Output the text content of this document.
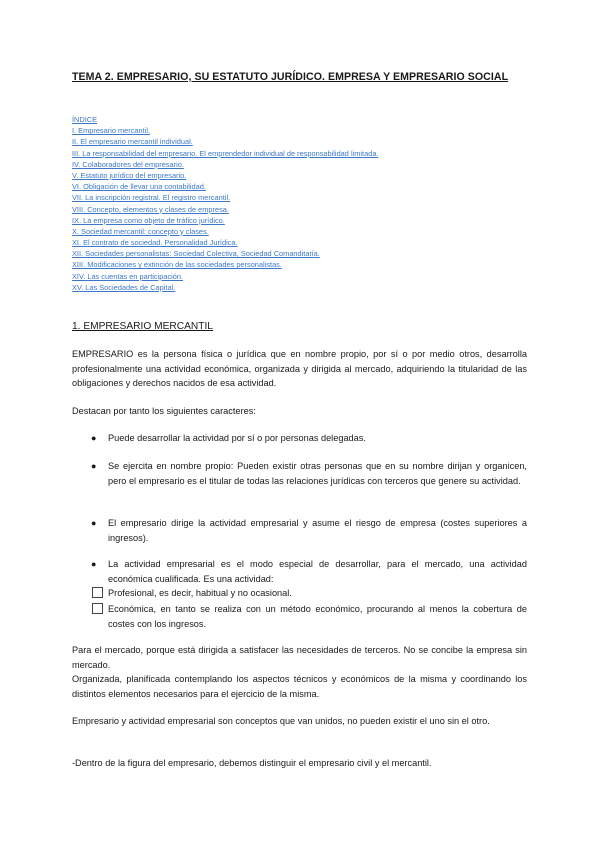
TEMA 2. EMPRESARIO, SU ESTATUTO JURÍDICO. EMPRESA Y EMPRESARIO SOCIAL
ÍNDICE
I. Empresario mercantil.
II. El empresario mercantil individual.
III. La responsabilidad del empresario. El emprendedor individual de responsabilidad limitada.
IV. Colaboradores del empresario.
V. Estatuto jurídico del empresario.
VI. Obligación de llevar una contabilidad.
VII. La inscripción registral. El registro mercantil.
VIII. Concepto, elementos y clases de empresa.
IX. La empresa como objeto de tráfico jurídico.
X. Sociedad mercantil: concepto y clases.
XI. El contrato de sociedad. Personalidad Jurídica.
XII. Sociedades personalistas: Sociedad Colectiva, Sociedad Comanditaria.
XIII. Modificaciones y extinción de las sociedades personalistas.
XIV. Las cuentas en participación.
XV. Las Sociedades de Capital.
1. EMPRESARIO MERCANTIL

EMPRESARIO es la persona física o jurídica que en nombre propio, por sí o por medio otros, desarrolla profesionalmente una actividad económica, organizada y dirigida al mercado, adquiriendo la titularidad de las obligaciones y derechos nacidos de esa actividad.

Destacan por tanto los siguientes caracteres:

● Puede desarrollar la actividad por sí o por personas delegadas.

● Se ejercita en nombre propio: Pueden existir otras personas que en su nombre dirijan y organicen, pero el empresario es el titular de todas las relaciones jurídicas con terceros que genere su actividad.

● El empresario dirige la actividad empresarial y asume el riesgo de empresa (costes superiores a ingresos).

● La actividad empresarial es el modo especial de desarrollar, para el mercado, una actividad económica cualificada. Es una actividad:

Profesional, es decir, habitual y no ocasional.

Económica, en tanto se realiza con un método económico, procurando al menos la cobertura de costes con los ingresos.

Para el mercado, porque está dirigida a satisfacer las necesidades de terceros. No se concibe la empresa sin mercado.

Organizada, planificada contemplando los aspectos técnicos y económicos de la misma y coordinando los distintos elementos necesarios para el ejercicio de la misma.

Empresario y actividad empresarial son conceptos que van unidos, no pueden existir el uno sin el otro.

-Dentro de la figura del empresario, debemos distinguir el empresario civil y el mercantil.
